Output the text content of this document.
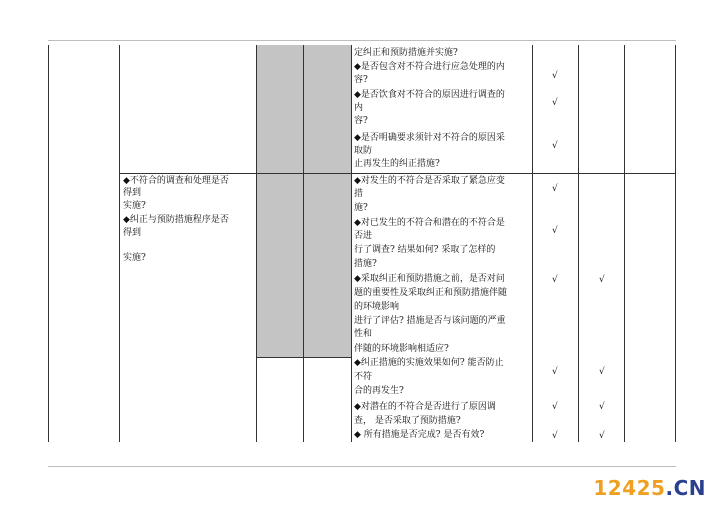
◆不符合的调查和处理是否
得到
实施?
◆纠正与预防措施程序是否
得到
实施?
定纠正和预防措施并实施?
◆是否包含对不符合进行应急处理的内
容?
◆是否饮食对不符合的原因进行调查的
内
容?
◆是否明确要求须针对不符合的原因采
取防
止再发生的纠正措施?
◆对发生的不符合是否采取了紧急应变
措
施?
◆对已发生的不符合和潜在的不符合是
否进
行了调查? 结果如何? 采取了怎样的
措施?
◆采取纠正和预防措施之前，是否对问
题的重要性及采取纠正和预防措施伴随
的环境影响
进行了评估? 措施是否与该问题的严重
性和
伴随的环境影响相适应?
◆纠正措施的实施效果如何? 能否防止
不符
合的再发生?
◆对潜在的不符合是否进行了原因调
查， 是否采取了预防措施?
◆ 所有措施是否完成? 是否有效?
√
√
√
√
√
√
√
√
√
√
√
√
√
12425.CN
